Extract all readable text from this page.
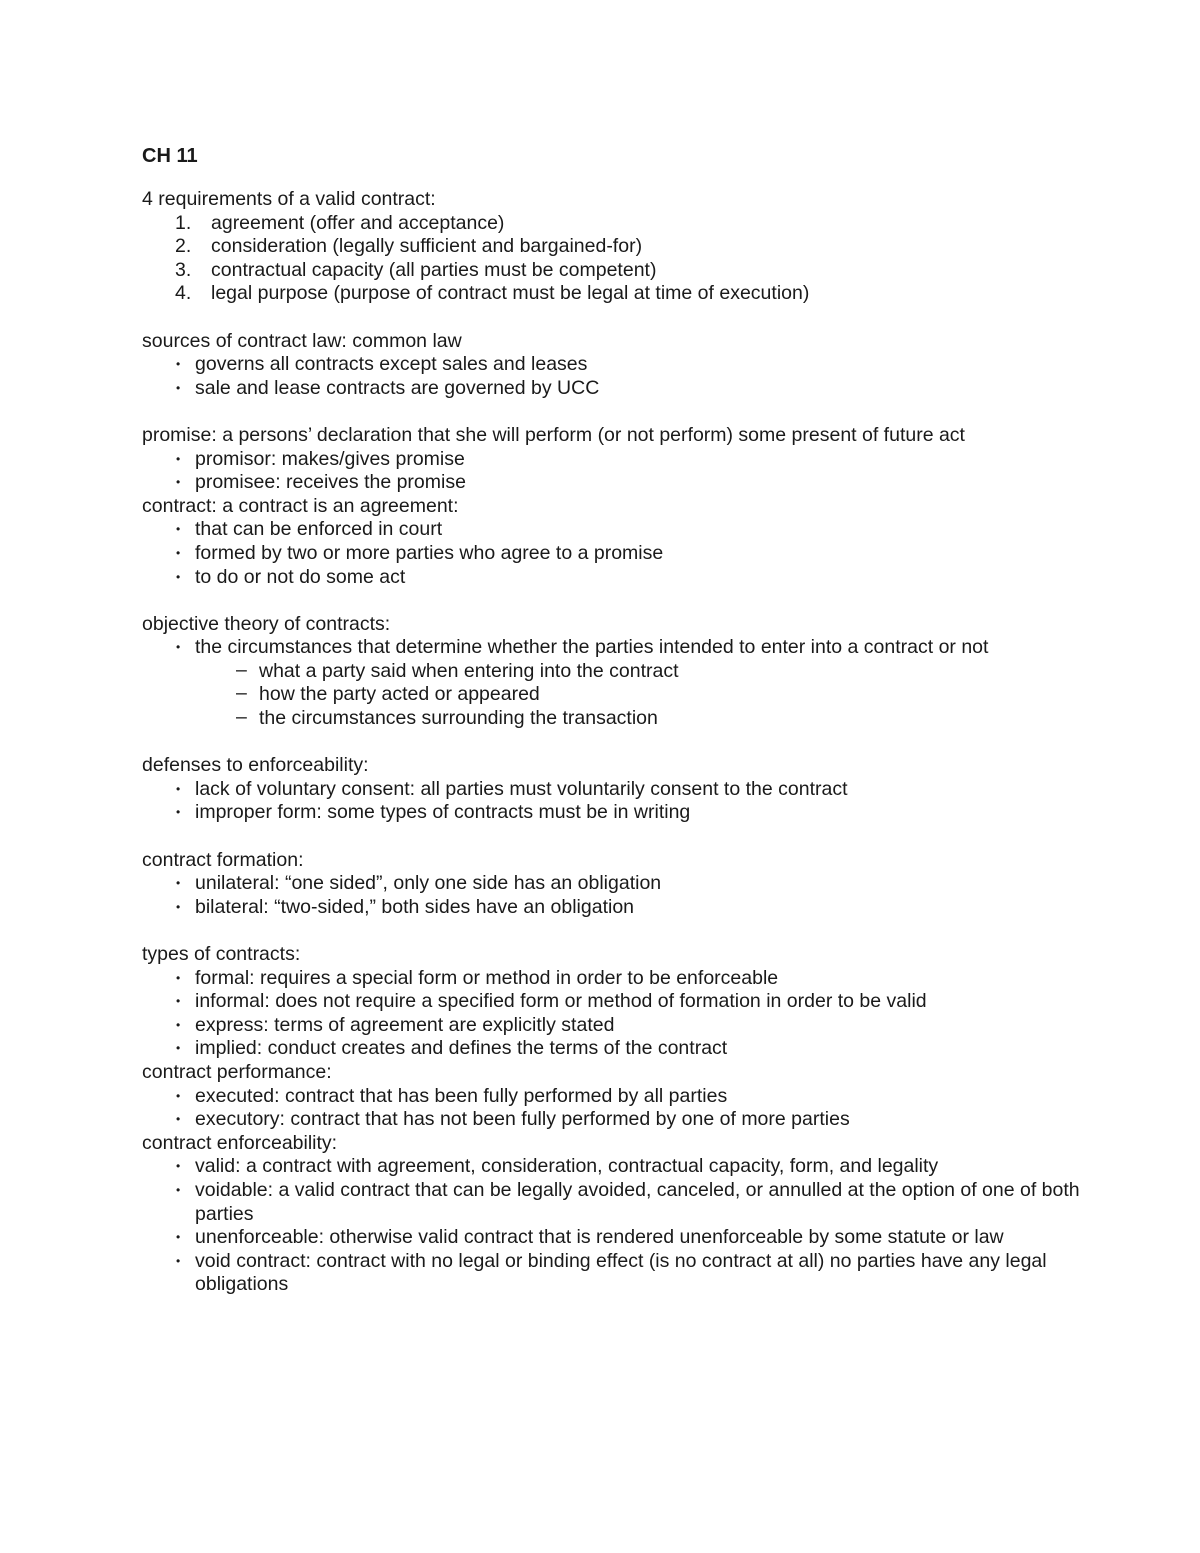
CH 11
4 requirements of a valid contract:
1. agreement (offer and acceptance)
2. consideration (legally sufficient and bargained-for)
3. contractual capacity (all parties must be competent)
4. legal purpose (purpose of contract must be legal at time of execution)
sources of contract law: common law
• governs all contracts except sales and leases
• sale and lease contracts are governed by UCC
promise: a persons’ declaration that she will perform (or not perform) some present of future act
• promisor: makes/gives promise
• promisee: receives the promise
contract: a contract is an agreement:
• that can be enforced in court
• formed by two or more parties who agree to a promise
• to do or not do some act
objective theory of contracts:
• the circumstances that determine whether the parties intended to enter into a contract or not
– what a party said when entering into the contract
– how the party acted or appeared
– the circumstances surrounding the transaction
defenses to enforceability:
• lack of voluntary consent: all parties must voluntarily consent to the contract
• improper form: some types of contracts must be in writing
contract formation:
• unilateral: “one sided”, only one side has an obligation
• bilateral: “two-sided,” both sides have an obligation
types of contracts:
• formal: requires a special form or method in order to be enforceable
• informal: does not require a specified form or method of formation in order to be valid
• express: terms of agreement are explicitly stated
• implied: conduct creates and defines the terms of the contract
contract performance:
• executed: contract that has been fully performed by all parties
• executory: contract that has not been fully performed by one of more parties
contract enforceability:
• valid: a contract with agreement, consideration, contractual capacity, form, and legality
• voidable: a valid contract that can be legally avoided, canceled, or annulled at the option of one of both parties
• unenforceable: otherwise valid contract that is rendered unenforceable by some statute or law
• void contract: contract with no legal or binding effect (is no contract at all) no parties have any legal obligations
